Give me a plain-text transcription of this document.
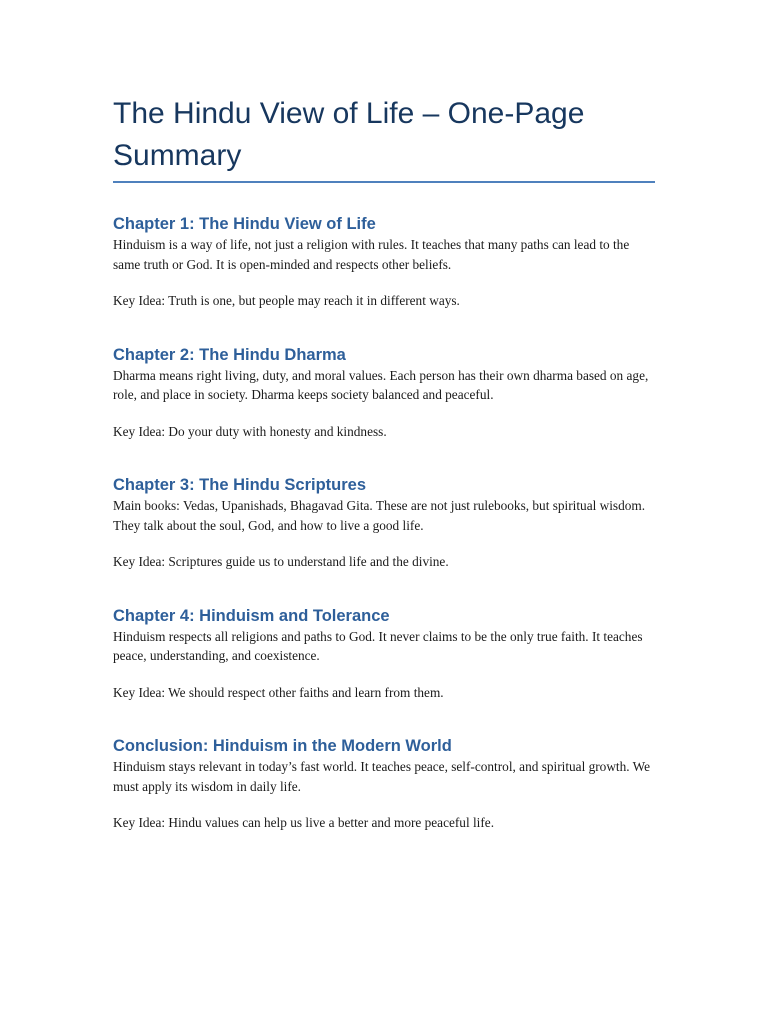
The Hindu View of Life – One-Page Summary
Chapter 1: The Hindu View of Life

Hinduism is a way of life, not just a religion with rules. It teaches that many paths can lead to the same truth or God. It is open-minded and respects other beliefs.

Key Idea: Truth is one, but people may reach it in different ways.

Chapter 2: The Hindu Dharma

Dharma means right living, duty, and moral values. Each person has their own dharma based on age, role, and place in society. Dharma keeps society balanced and peaceful.

Key Idea: Do your duty with honesty and kindness.

Chapter 3: The Hindu Scriptures

Main books: Vedas, Upanishads, Bhagavad Gita. These are not just rulebooks, but spiritual wisdom. They talk about the soul, God, and how to live a good life.

Key Idea: Scriptures guide us to understand life and the divine.

Chapter 4: Hinduism and Tolerance

Hinduism respects all religions and paths to God. It never claims to be the only true faith. It teaches peace, understanding, and coexistence.

Key Idea: We should respect other faiths and learn from them.

Conclusion: Hinduism in the Modern World

Hinduism stays relevant in today’s fast world. It teaches peace, self-control, and spiritual growth. We must apply its wisdom in daily life.

Key Idea: Hindu values can help us live a better and more peaceful life.
